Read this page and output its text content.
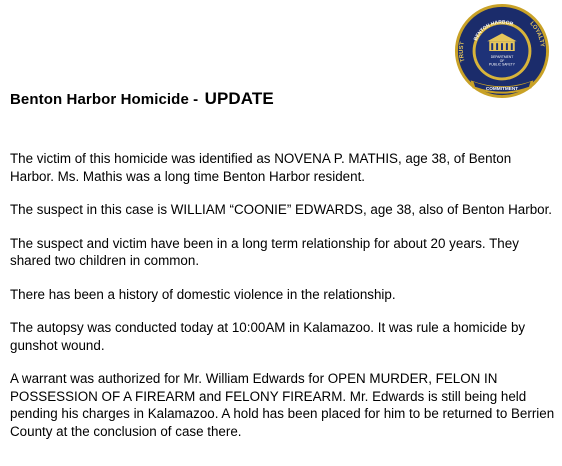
TRUST
LOYALTY
BENTON HARBOR
DEPARTMENT
OF
PUBLIC SAFETY
COMMITMENT
Benton Harbor Homicide - UPDATE

The victim of this homicide was identified as NOVENA P. MATHIS, age 38, of Benton Harbor. Ms. Mathis was a long time Benton Harbor resident.

The suspect in this case is WILLIAM “COONIE” EDWARDS, age 38, also of Benton Harbor.

The suspect and victim have been in a long term relationship for about 20 years. They shared two children in common.

There has been a history of domestic violence in the relationship.

The autopsy was conducted today at 10:00AM in Kalamazoo. It was rule a homicide by gunshot wound.

A warrant was authorized for Mr. William Edwards for OPEN MURDER, FELON IN POSSESSION OF A FIREARM and FELONY FIREARM. Mr. Edwards is still being held pending his charges in Kalamazoo. A hold has been placed for him to be returned to Berrien County at the conclusion of case there.
